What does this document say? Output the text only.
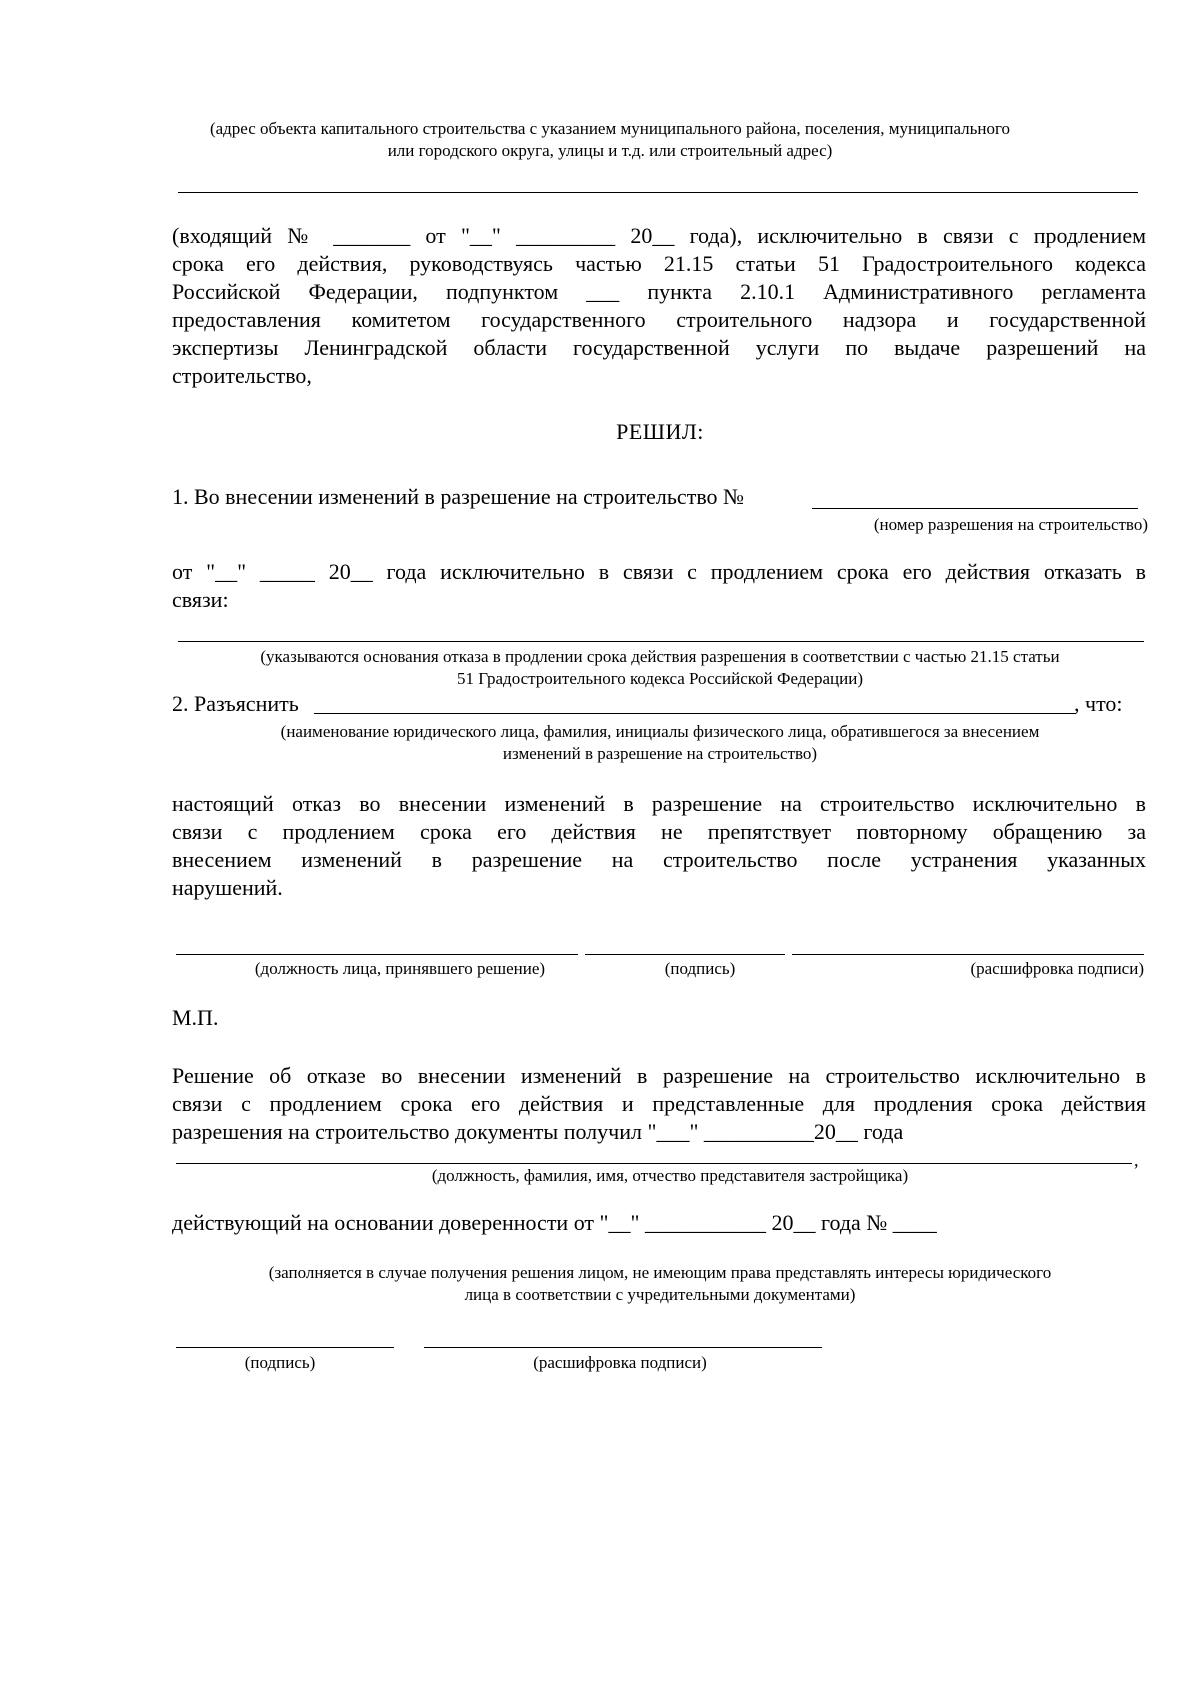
(адрес объекта капитального строительства с указанием муниципального района, поселения, муниципального
или городского округа, улицы и т.д. или строительный адрес)
(входящий № _______ от "__" _________ 20__ года), исключительно в связи с продлением
срока его действия, руководствуясь частью 21.15 статьи 51 Градостроительного кодекса
Российской Федерации, подпунктом ___ пункта 2.10.1 Административного регламента
предоставления комитетом государственного строительного надзора и государственной
экспертизы Ленинградской области государственной услуги по выдаче разрешений на
строительство,
РЕШИЛ:
1. Во внесении изменений в разрешение на строительство №
(номер разрешения на строительство)
от "__" _____ 20__ года исключительно в связи с продлением срока его действия отказать в
связи:
(указываются основания отказа в продлении срока действия разрешения в соответствии с частью 21.15 статьи
51 Градостроительного кодекса Российской Федерации)
2. Разъяснить	, что:
(наименование юридического лица, фамилия, инициалы физического лица, обратившегося за внесением
изменений в разрешение на строительство)
настоящий отказ во внесении изменений в разрешение на строительство исключительно в
связи с продлением срока его действия не препятствует повторному обращению за
внесением изменений в разрешение на строительство после устранения указанных
нарушений.
(должность лица, принявшего решение)	(подпись)	(расшифровка подписи)
М.П.
Решение об отказе во внесении изменений в разрешение на строительство исключительно в
связи с продлением срока его действия и представленные для продления срока действия
разрешения на строительство документы получил "___" __________20__ года
,
(должность, фамилия, имя, отчество представителя застройщика)
действующий на основании доверенности от "__" ___________ 20__ года № ____
(заполняется в случае получения решения лицом, не имеющим права представлять интересы юридического
лица в соответствии с учредительными документами)
(подпись)	(расшифровка подписи)
